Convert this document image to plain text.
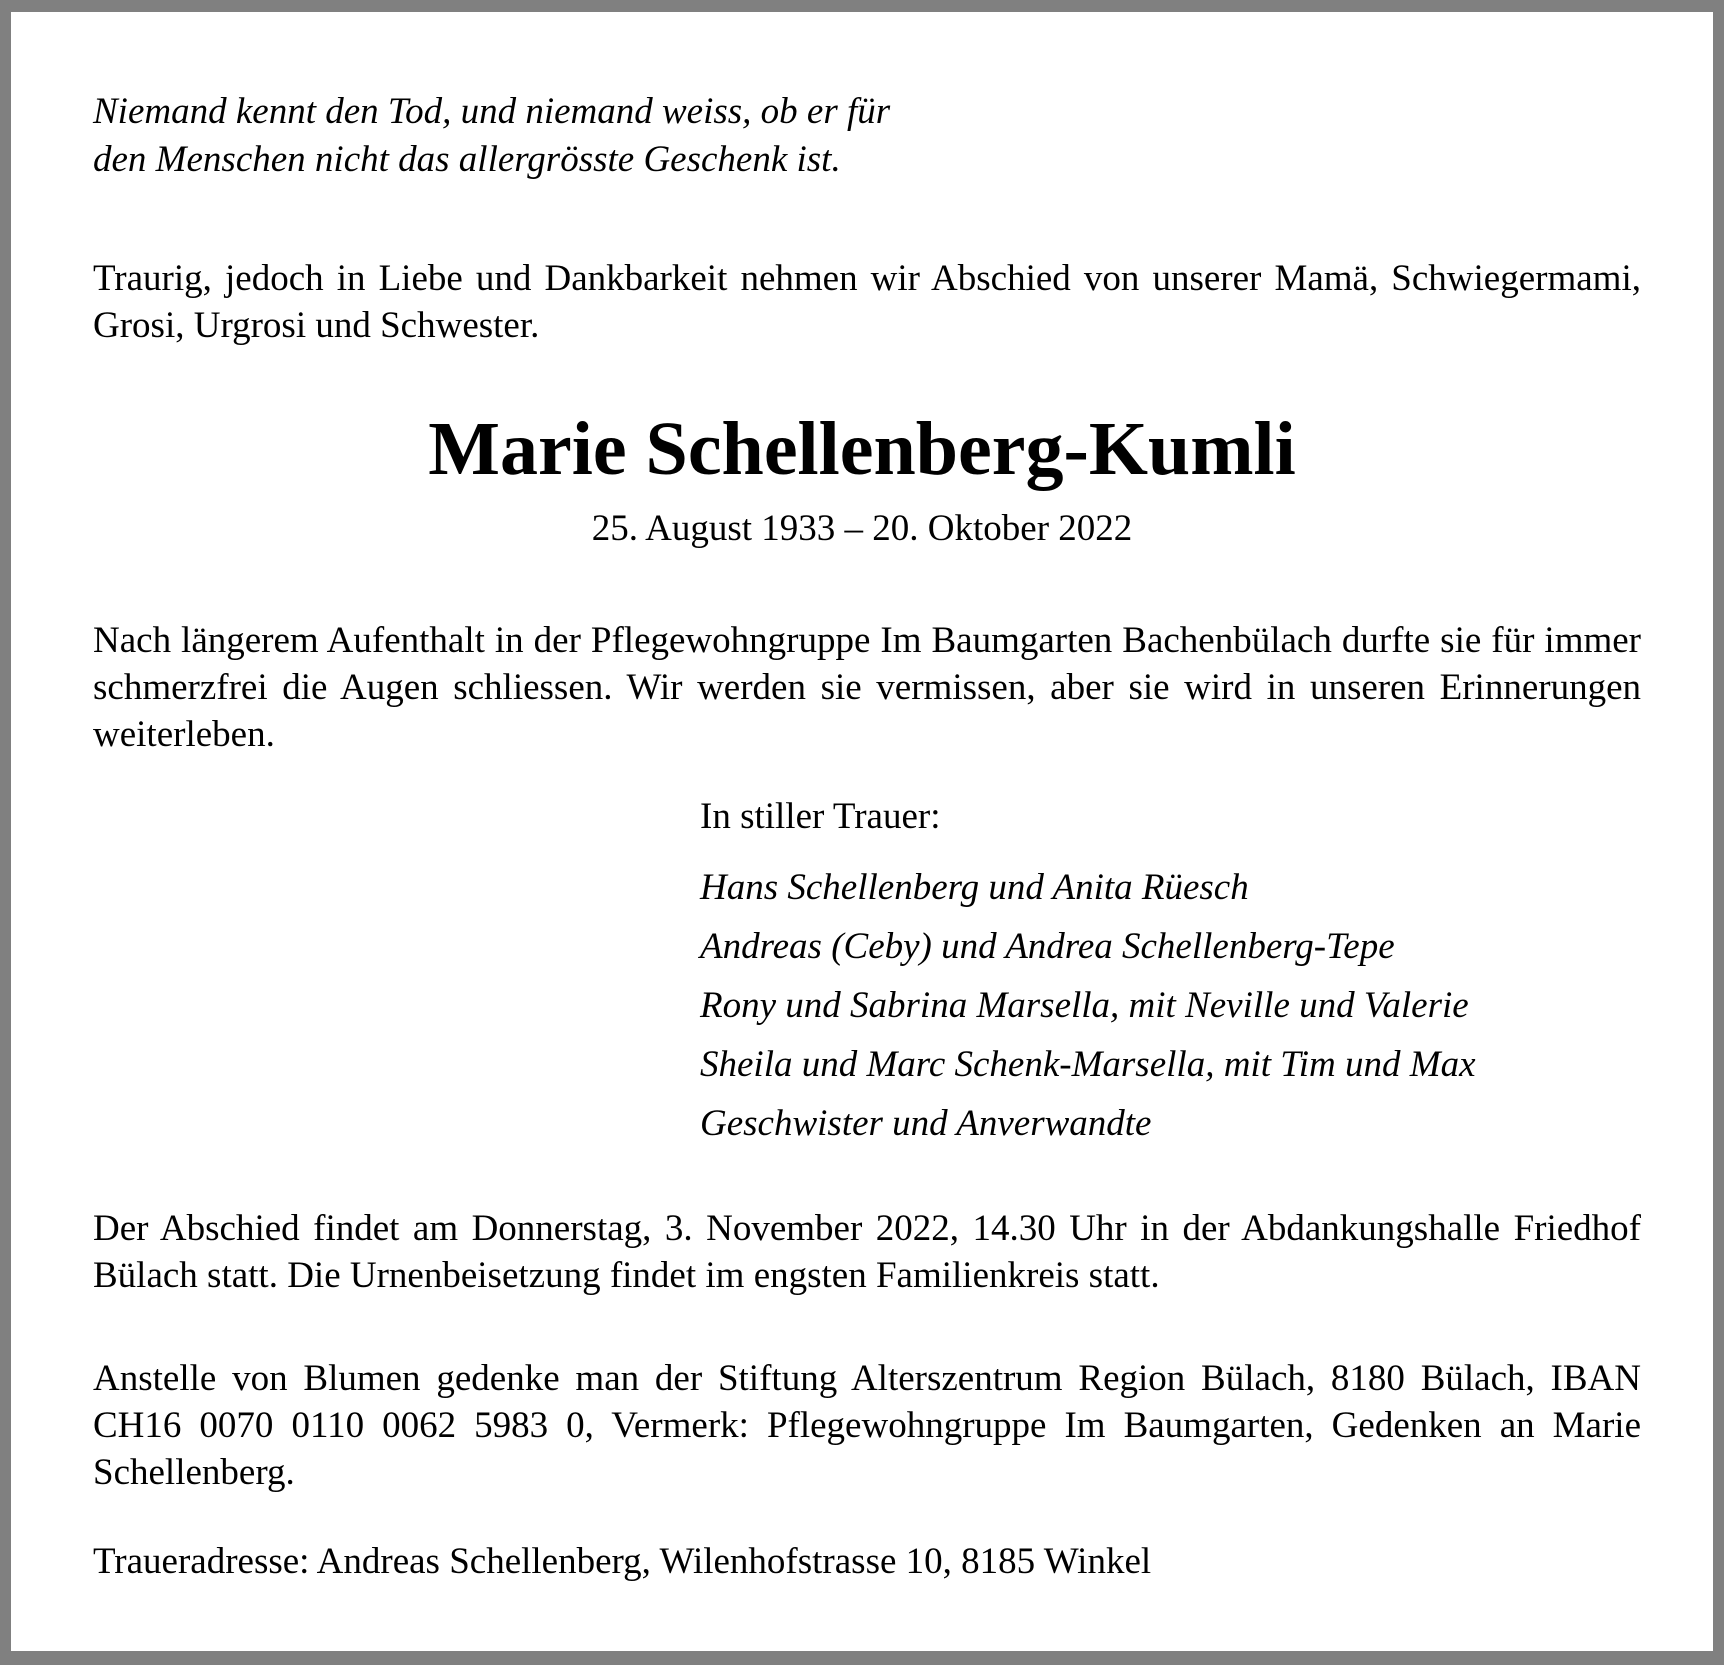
Niemand kennt den Tod, und niemand weiss, ob er für
den Menschen nicht das allergrösste Geschenk ist.

Traurig, jedoch in Liebe und Dankbarkeit nehmen wir Abschied von unserer Mamä, Schwiegermami, Grosi, Urgrosi und Schwester.

Marie Schellenberg-Kumli

25. August 1933 – 20. Oktober 2022

Nach längerem Aufenthalt in der Pflegewohngruppe Im Baumgarten Bachenbülach durfte sie für immer schmerzfrei die Augen schliessen. Wir werden sie vermissen, aber sie wird in unseren Erinnerungen weiterleben.

In stiller Trauer:

Hans Schellenberg und Anita Rüesch
Andreas (Ceby) und Andrea Schellenberg-Tepe
Rony und Sabrina Marsella, mit Neville und Valerie
Sheila und Marc Schenk-Marsella, mit Tim und Max
Geschwister und Anverwandte

Der Abschied findet am Donnerstag, 3. November 2022, 14.30 Uhr in der Abdankungshalle Friedhof Bülach statt. Die Urnenbeisetzung findet im engsten Familienkreis statt.

Anstelle von Blumen gedenke man der Stiftung Alterszentrum Region Bülach, 8180 Bülach, IBAN CH16 0070 0110 0062 5983 0, Vermerk: Pflegewohngruppe Im Baumgarten, Gedenken an Marie Schellenberg.

Traueradresse: Andreas Schellenberg, Wilenhofstrasse 10, 8185 Winkel
